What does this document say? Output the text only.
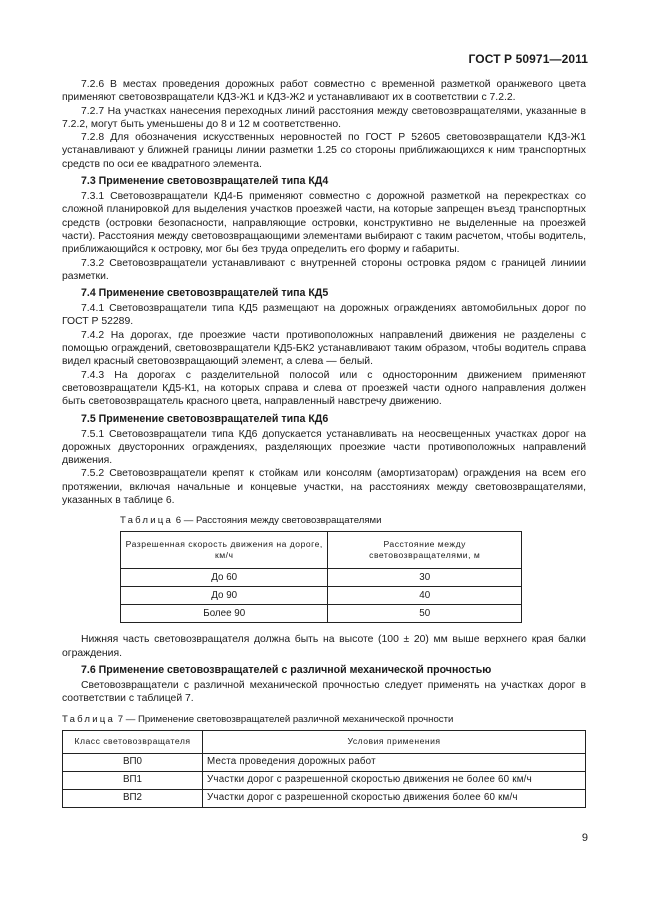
ГОСТ Р 50971—2011

7.2.6 В местах проведения дорожных работ совместно с временной разметкой оранжевого цвета применяют световозвращатели КДЗ-Ж1 и КДЗ-Ж2 и устанавливают их в соответствии с 7.2.2.

7.2.7 На участках нанесения переходных линий расстояния между световозвращателями, указанные в 7.2.2, могут быть уменьшены до 8 и 12 м соответственно.

7.2.8 Для обозначения искусственных неровностей по ГОСТ Р 52605 световозвращатели КДЗ-Ж1 устанавливают у ближней границы линии разметки 1.25 со стороны приближающихся к ним транспортных средств по оси ее квадратного элемента.

7.3 Применение световозвращателей типа КД4

7.3.1 Световозвращатели КД4-Б применяют совместно с дорожной разметкой на перекрестках со сложной планировкой для выделения участков проезжей части, на которые запрещен въезд транспортных средств (островки безопасности, направляющие островки, конструктивно не выделенные на проезжей части). Расстояния между световозвращающими элементами выбирают с таким расчетом, чтобы водитель, приближающийся к островку, мог бы без труда определить его форму и габариты.

7.3.2 Световозвращатели устанавливают с внутренней стороны островка рядом с границей линиии разметки.

7.4 Применение световозвращателей типа КД5

7.4.1 Световозвращатели типа КД5 размещают на дорожных ограждениях автомобильных дорог по ГОСТ Р 52289.

7.4.2 На дорогах, где проезжие части противоположных направлений движения не разделены с помощью ограждений, световозвращатели КД5-БК2 устанавливают таким образом, чтобы водитель справа видел красный световозвращающий элемент, а слева — белый.

7.4.3 На дорогах с разделительной полосой или с односторонним движением применяют световозвращатели КД5-К1, на которых справа и слева от проезжей части одного направления должен быть световозвращатель красного цвета, направленный навстречу движению.

7.5 Применение световозвращателей типа КД6

7.5.1 Световозвращатели типа КД6 допускается устанавливать на неосвещенных участках дорог на дорожных двусторонних ограждениях, разделяющих проезжие части противоположных направлений движения.

7.5.2 Световозвращатели крепят к стойкам или консолям (амортизаторам) ограждения на всем его протяжении, включая начальные и концевые участки, на расстояниях между световозвращателями, указанных в таблице 6.

Таблица 6 — Расстояния между световозвращателями
Разрешенная скорость движения на дороге, км/ч	Расстояние между световозвращателями, м
До 60	30
До 90	40
Более 90	50

Нижняя часть световозвращателя должна быть на высоте (100 ± 20) мм выше верхнего края балки ограждения.

7.6 Применение световозвращателей с различной механической прочностью

Световозвращатели с различной механической прочностью следует применять на участках дорог в соответствии с таблицей 7.

Таблица 7 — Применение световозвращателей различной механической прочности
Класс световозвращателя	Условия применения
ВП0	Места проведения дорожных работ
ВП1	Участки дорог с разрешенной скоростью движения не более 60 км/ч
ВП2	Участки дорог с разрешенной скоростью движения более 60 км/ч
9
